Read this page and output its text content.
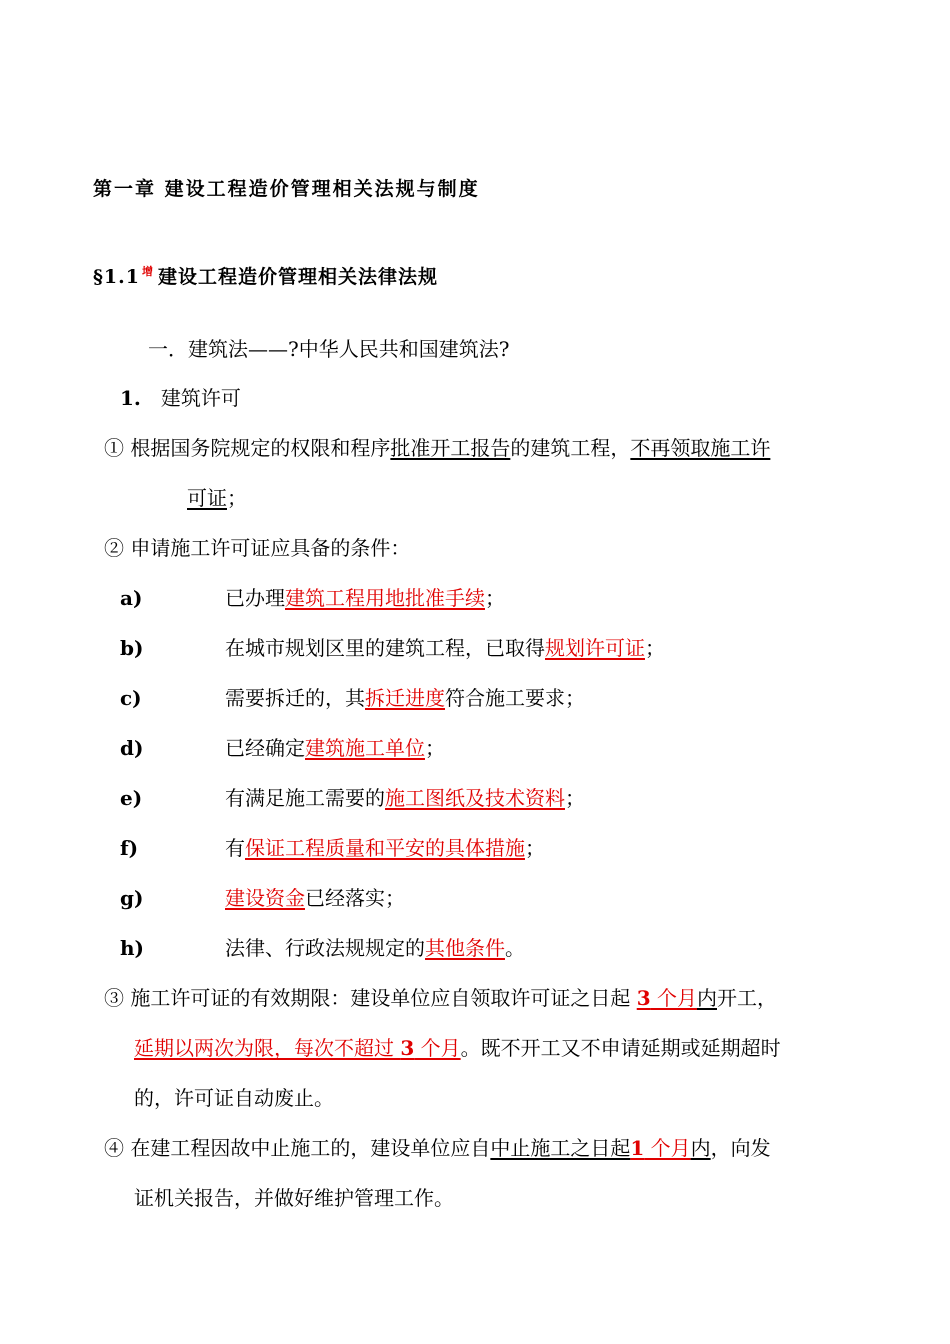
第一章 建设工程造价管理相关法规与制度
§1.1 $^增$ 建设工程造价管理相关法律法规
一．建筑法——?中华人民共和国建筑法?
1. 建筑许可
① 根据国务院规定的权限和程序批准开工报告的建筑工程，不再领取施工许
可证；
② 申请施工许可证应具备的条件：
a)	已办理建筑工程用地批准手续；
b)	在城市规划区里的建筑工程，已取得规划许可证；
c)	需要拆迁的，其拆迁进度符合施工要求；
d)	已经确定建筑施工单位；
e)	有满足施工需要的施工图纸及技术资料；
f)	有保证工程质量和平安的具体措施；
g)	建设资金已经落实；
h)	法律、行政法规规定的其他条件。
③ 施工许可证的有效期限：建设单位应自领取许可证之日起 3 个月内开工，
延期以两次为限，每次不超过 3 个月。既不开工又不申请延期或延期超时
的，许可证自动废止。
④ 在建工程因故中止施工的，建设单位应自中止施工之日起1 个月内，向发
证机关报告，并做好维护管理工作。
